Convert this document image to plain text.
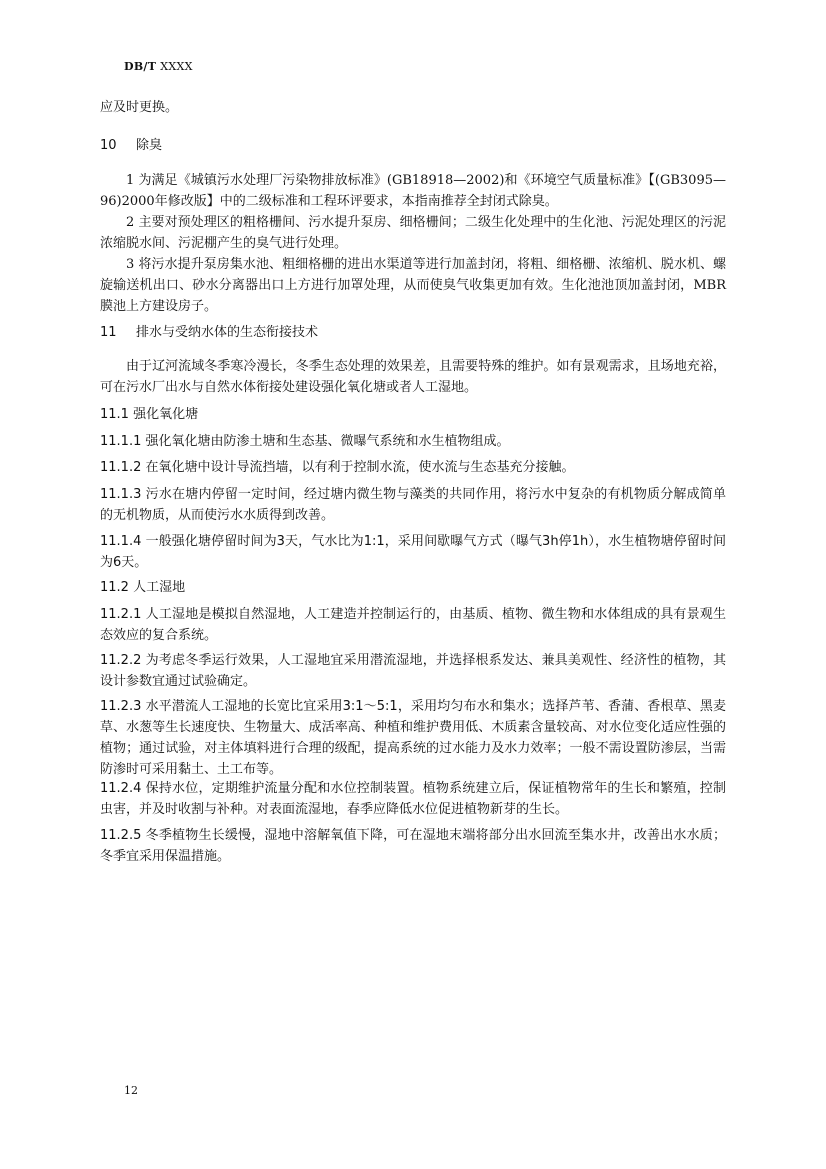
DB/T XXXX
应及时更换。
10 除臭
1 为满足《城镇污水处理厂污染物排放标准》(GB18918—2002)和《环境空气质量标准》【(GB3095—96)2000年修改版】中的二级标准和工程环评要求，本指南推荐全封闭式除臭。
2 主要对预处理区的粗格栅间、污水提升泵房、细格栅间；二级生化处理中的生化池、污泥处理区的污泥浓缩脱水间、污泥棚产生的臭气进行处理。
3 将污水提升泵房集水池、粗细格栅的进出水渠道等进行加盖封闭，将粗、细格栅、浓缩机、脱水机、螺旋输送机出口、砂水分离器出口上方进行加罩处理，从而使臭气收集更加有效。生化池池顶加盖封闭，MBR膜池上方建设房子。
11 排水与受纳水体的生态衔接技术
由于辽河流域冬季寒冷漫长，冬季生态处理的效果差，且需要特殊的维护。如有景观需求，且场地充裕，可在污水厂出水与自然水体衔接处建设强化氧化塘或者人工湿地。
11.1 强化氧化塘
11.1.1 强化氧化塘由防渗土塘和生态基、微曝气系统和水生植物组成。
11.1.2 在氧化塘中设计导流挡墙，以有利于控制水流，使水流与生态基充分接触。
11.1.3 污水在塘内停留一定时间，经过塘内微生物与藻类的共同作用，将污水中复杂的有机物质分解成简单的无机物质，从而使污水水质得到改善。
11.1.4 一般强化塘停留时间为3天，气水比为1:1，采用间歇曝气方式（曝气3h停1h），水生植物塘停留时间为6天。
11.2 人工湿地
11.2.1 人工湿地是模拟自然湿地，人工建造并控制运行的，由基质、植物、微生物和水体组成的具有景观生态效应的复合系统。
11.2.2 为考虑冬季运行效果，人工湿地宜采用潜流湿地，并选择根系发达、兼具美观性、经济性的植物，其设计参数宜通过试验确定。
11.2.3 水平潜流人工湿地的长宽比宜采用3:1～5:1，采用均匀布水和集水；选择芦苇、香蒲、香根草、黑麦草、水葱等生长速度快、生物量大、成活率高、种植和维护费用低、木质素含量较高、对水位变化适应性强的植物；通过试验，对主体填料进行合理的级配，提高系统的过水能力及水力效率；一般不需设置防渗层，当需防渗时可采用黏土、土工布等。
11.2.4 保持水位，定期维护流量分配和水位控制装置。植物系统建立后，保证植物常年的生长和繁殖，控制虫害，并及时收割与补种。对表面流湿地，春季应降低水位促进植物新芽的生长。
11.2.5 冬季植物生长缓慢，湿地中溶解氧值下降，可在湿地末端将部分出水回流至集水井，改善出水水质；冬季宜采用保温措施。
12
